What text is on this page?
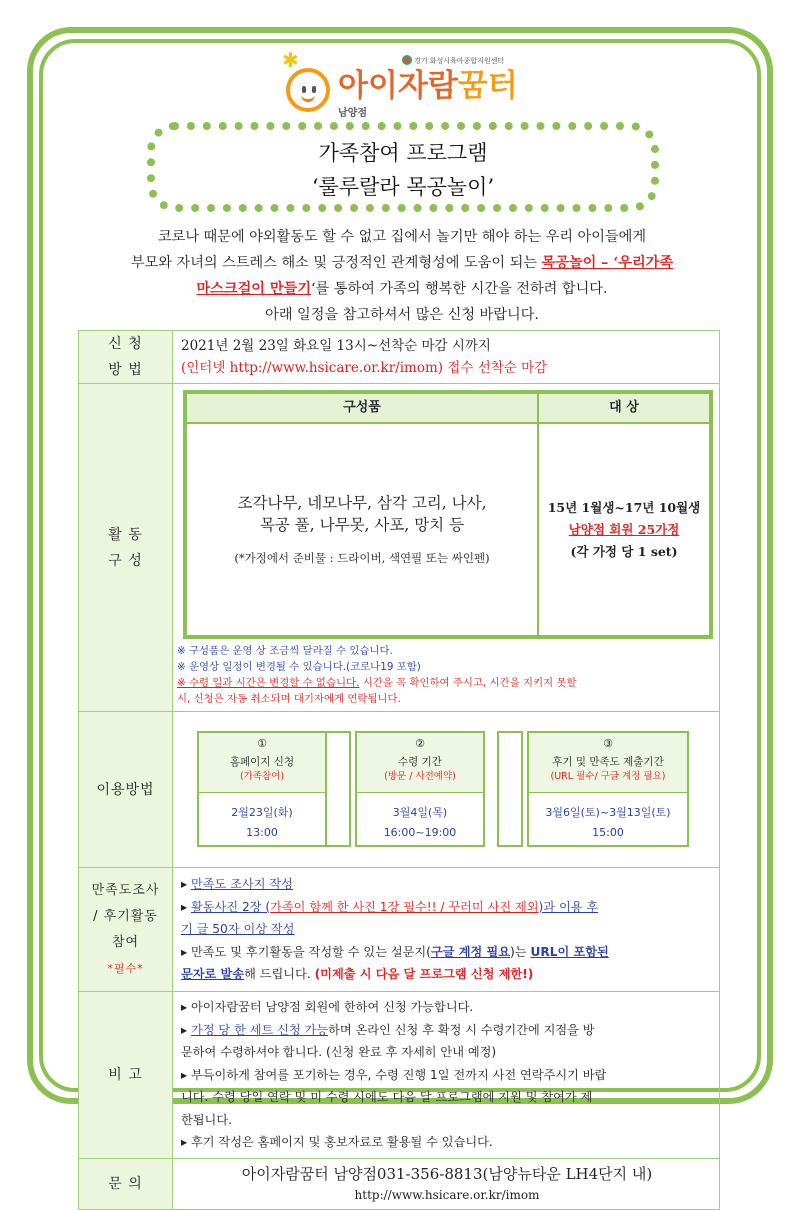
✱	경기 화성시육아종합지원센터
아이자람꿈터
남양점
가족참여 프로그램
‘룰루랄라 목공놀이’
코로나 때문에 야외활동도 할 수 없고 집에서 놀기만 해야 하는 우리 아이들에게
부모와 자녀의 스트레스 해소 및 긍정적인 관계형성에 도움이 되는 목공놀이 – ‘우리가족
마스크걸이 만들기‘를 통하여 가족의 행복한 시간을 전하려 합니다.
아래 일정을 참고하셔서 많은 신청 바랍니다.
신 청
방 법

2021년 2월 23일 화요일 13시~선착순 마감 시까지
(인터넷 http://www.hsicare.or.kr/imom) 접수 선착순 마감

활 동
구 성

구성품	대 상

조각나무, 네모나무, 삼각 고리, 나사,
목공 풀, 나무못, 사포, 망치 등
(*가정에서 준비물 : 드라이버, 색연필 또는 싸인펜)

15년 1월생~17년 10월생
남양점 회원 25가정
(각 가정 당 1 set)
※ 구성품은 운영 상 조금씩 달라질 수 있습니다.
※ 운영상 일정이 변경될 수 있습니다.(코로나19 포함)
※ 수령 일과 시간은 변경할 수 없습니다. 시간을 꼭 확인하여 주시고, 시간을 지키지 못할
시, 신청은 자동 취소되며 대기자에게 연락됩니다.

이용방법	
①
홈페이지 신청
(가족참여)
2월23일(화)
13:00
②
수령 기간
(방문 / 사전예약)
3월4일(목)
16:00~19:00
③
후기 및 만족도 제출기간
(URL 필수/ 구글 계정 필요)
3월6일(토)~3월13일(토)
15:00

만족도조사
/ 후기활동
참여
*필수*

▸ 만족도 조사지 작성
▸ 활동사진 2장 (가족이 함께 한 사진 1장 필수!! / 꾸러미 사진 제외)과 이용 후
기 글 50자 이상 작성
▸ 만족도 및 후기활동을 작성할 수 있는 설문지(구글 계정 필요)는 URL이 포함된
문자로 발송해 드립니다. (미제출 시 다음 달 프로그램 신청 제한!)

비 고	
▸ 아이자람꿈터 남양점 회원에 한하여 신청 가능합니다.
▸ 가정 당 한 세트 신청 가능하며 온라인 신청 후 확정 시 수령기간에 지점을 방
문하여 수령하셔야 합니다. (신청 완료 후 자세히 안내 예정)
▸ 부득이하게 참여를 포기하는 경우, 수령 진행 1일 전까지 사전 연락주시기 바랍
니다. 수령 당일 연락 및 미 수령 시에도 다음 달 프로그램에 지원 및 참여가 제
한됩니다.
▸ 후기 작성은 홈페이지 및 홍보자료로 활용될 수 있습니다.

문 의	
아이자람꿈터 남양점031-356-8813(남양뉴타운 LH4단지 내)
http://www.hsicare.or.kr/imom
